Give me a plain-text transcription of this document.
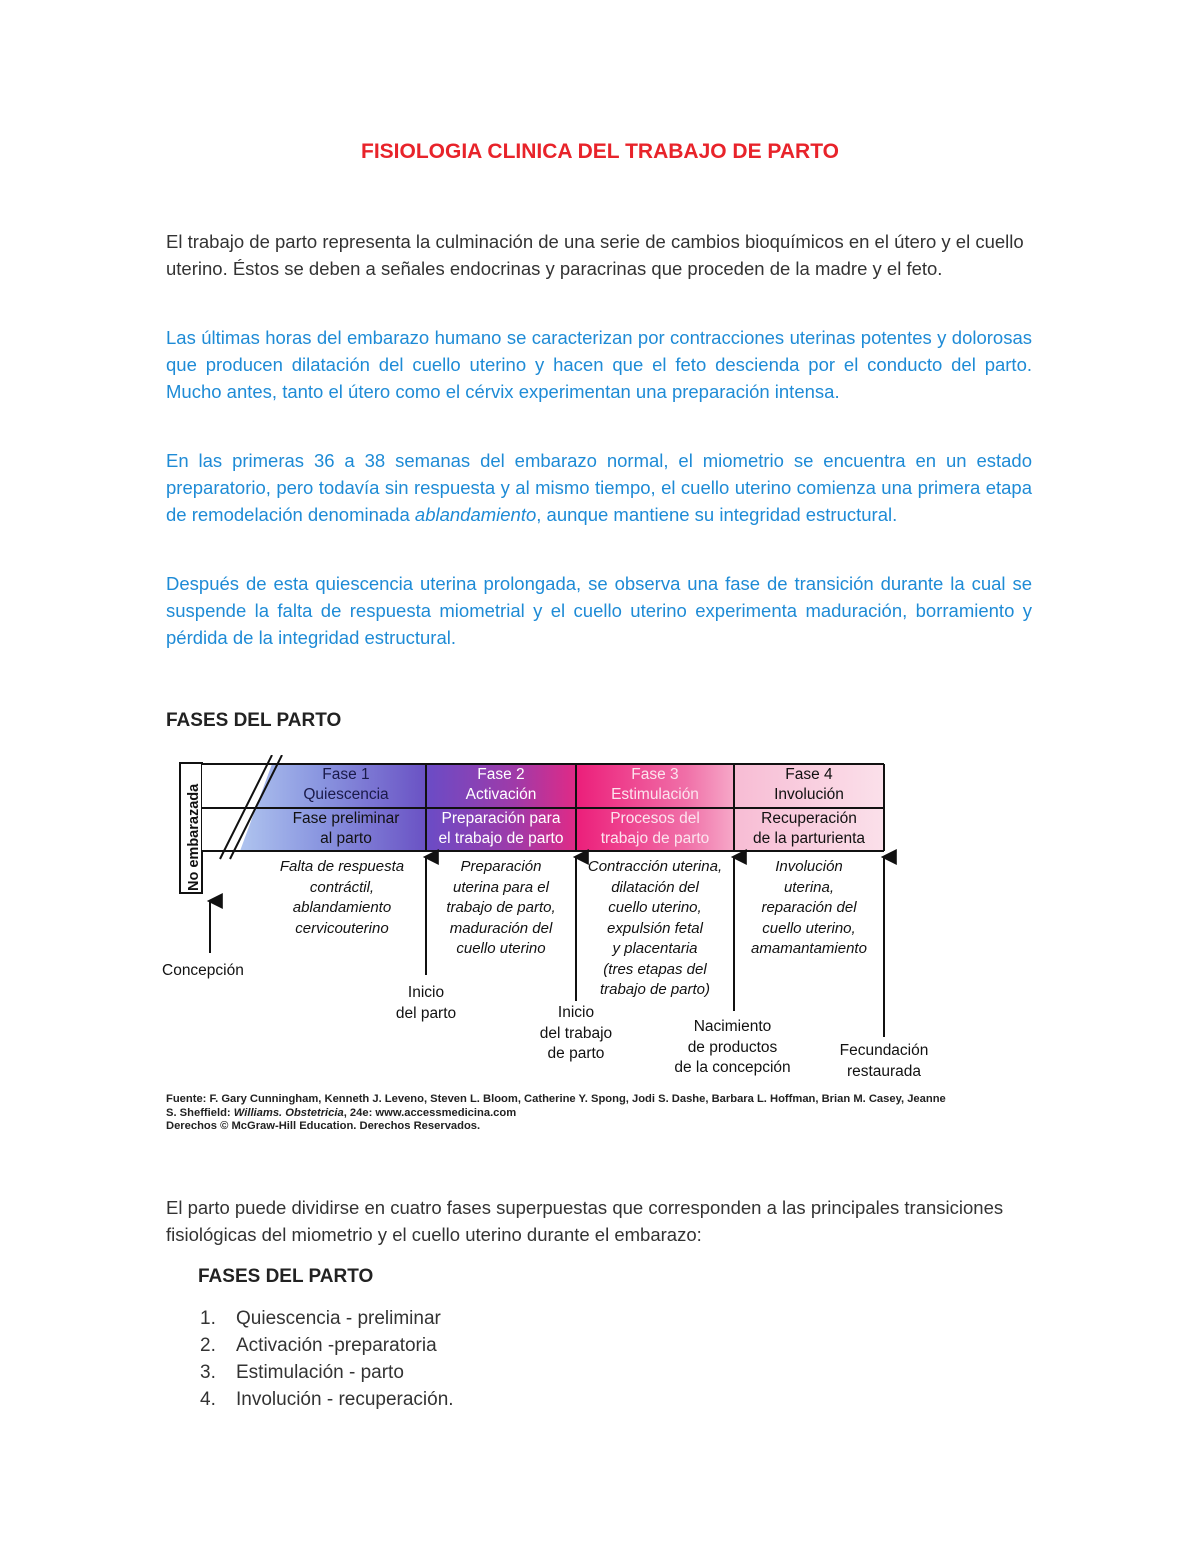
FISIOLOGIA CLINICA DEL TRABAJO DE PARTO

El trabajo de parto representa la culminación de una serie de cambios bioquímicos en el útero y el cuello uterino. Éstos se deben a señales endocrinas y paracrinas que proceden de la madre y el feto.

Las últimas horas del embarazo humano se caracterizan por contracciones uterinas potentes y dolorosas que producen dilatación del cuello uterino y hacen que el feto descienda por el conducto del parto. Mucho antes, tanto el útero como el cérvix experimentan una preparación intensa.

En las primeras 36 a 38 semanas del embarazo normal, el miometrio se encuentra en un estado preparatorio, pero todavía sin respuesta y al mismo tiempo, el cuello uterino comienza una primera etapa de remodelación denominada ablandamiento, aunque mantiene su integridad estructural.

Después de esta quiescencia uterina prolongada, se observa una fase de transición durante la cual se suspende la falta de respuesta miometrial y el cuello uterino experimenta maduración, borramiento y pérdida de la integridad estructural.

FASES DEL PARTO
No embarazada
Fase 1
Quiescencia
Fase preliminar
al parto
Fase 2
Activación
Preparación para
el trabajo de parto
Fase 3
Estimulación
Procesos del
trabajo de parto
Fase 4
Involución
Recuperación
de la parturienta
Falta de respuesta
contráctil,
ablandamiento
cervicouterino
Preparación
uterina para el
trabajo de parto,
maduración del
cuello uterino
Contracción uterina,
dilatación del
cuello uterino,
expulsión fetal
y placentaria
(tres etapas del
trabajo de parto)
Involución
uterina,
reparación del
cuello uterino,
amamantamiento
Concepción
Inicio
del parto	Inicio
del trabajo
de parto
Nacimiento
de productos
de la concepción
Fecundación
restaurada
Fuente: F. Gary Cunningham, Kenneth J. Leveno, Steven L. Bloom, Catherine Y. Spong, Jodi S. Dashe, Barbara L. Hoffman, Brian M. Casey, Jeanne S. Sheffield: Williams. Obstetricia, 24e: www.accessmedicina.com
Derechos © McGraw-Hill Education. Derechos Reservados.

El parto puede dividirse en cuatro fases superpuestas que corresponden a las principales transiciones fisiológicas del miometrio y el cuello uterino durante el embarazo:

FASES DEL PARTO
1. Quiescencia - preliminar
2. Activación -preparatoria
3. Estimulación - parto
4. Involución - recuperación.
